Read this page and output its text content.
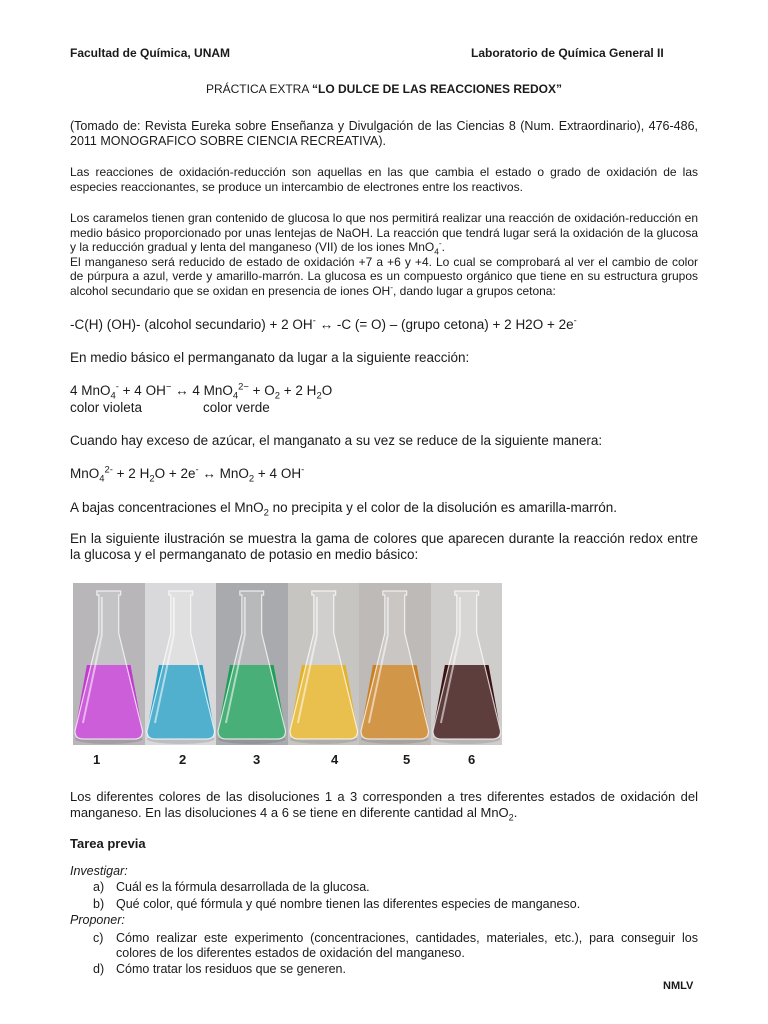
Facultad de Química, UNAM	Laboratorio de Química General II
PRÁCTICA EXTRA “LO DULCE DE LAS REACCIONES REDOX”
(Tomado de: Revista Eureka sobre Enseñanza y Divulgación de las Ciencias 8 (Num. Extraordinario), 476-486, 2011 MONOGRAFICO SOBRE CIENCIA RECREATIVA).
Las reacciones de oxidación-reducción son aquellas en las que cambia el estado o grado de oxidación de las especies reaccionantes, se produce un intercambio de electrones entre los reactivos.
Los caramelos tienen gran contenido de glucosa lo que nos permitirá realizar una reacción de oxidación-reducción en medio básico proporcionado por unas lentejas de NaOH. La reacción que tendrá lugar será la oxidación de la glucosa y la reducción gradual y lenta del manganeso (VII) de los iones MnO$_4$-.
El manganeso será reducido de estado de oxidación +7 a +6 y +4. Lo cual se comprobará al ver el cambio de color de púrpura a azul, verde y amarillo-marrón. La glucosa es un compuesto orgánico que tiene en su estructura grupos alcohol secundario que se oxidan en presencia de iones OH-, dando lugar a grupos cetona:
-C(H) (OH)- (alcohol secundario) + 2 OH- ↔ -C (= O) – (grupo cetona) + 2 H2O + 2e-
En medio básico el permanganato da lugar a la siguiente reacción:
4 MnO$_4$- + 4 OH− ↔ 4 $MnO_4^{2-} + O_2 + 2$ $H_2O$
color violeta	color verde
Cuando hay exceso de azúcar, el manganato a su vez se reduce de la siguiente manera:
MnO$_4^{2-}$ + 2 $H_2O + 2e^-$ ↔ MnO$_2$ + 4 OH-
A bajas concentraciones el MnO$_2$ no precipita y el color de la disolución es amarilla-marrón.
En la siguiente ilustración se muestra la gama de colores que aparecen durante la reacción redox entre la glucosa y el permanganato de potasio en medio básico:
1	2	3	4	5	6
Los diferentes colores de las disoluciones 1 a 3 corresponden a tres diferentes estados de oxidación del manganeso. En las disoluciones 4 a 6 se tiene en diferente cantidad al MnO$_2$.
Tarea previa
Investigar:
a) Cuál es la fórmula desarrollada de la glucosa.
b) Qué color, qué fórmula y qué nombre tienen las diferentes especies de manganeso.
Proponer:
c)	Cómo realizar este experimento (concentraciones, cantidades, materiales, etc.), para conseguir los colores de los diferentes estados de oxidación del manganeso.
d) Cómo tratar los residuos que se generen.
NMLV
